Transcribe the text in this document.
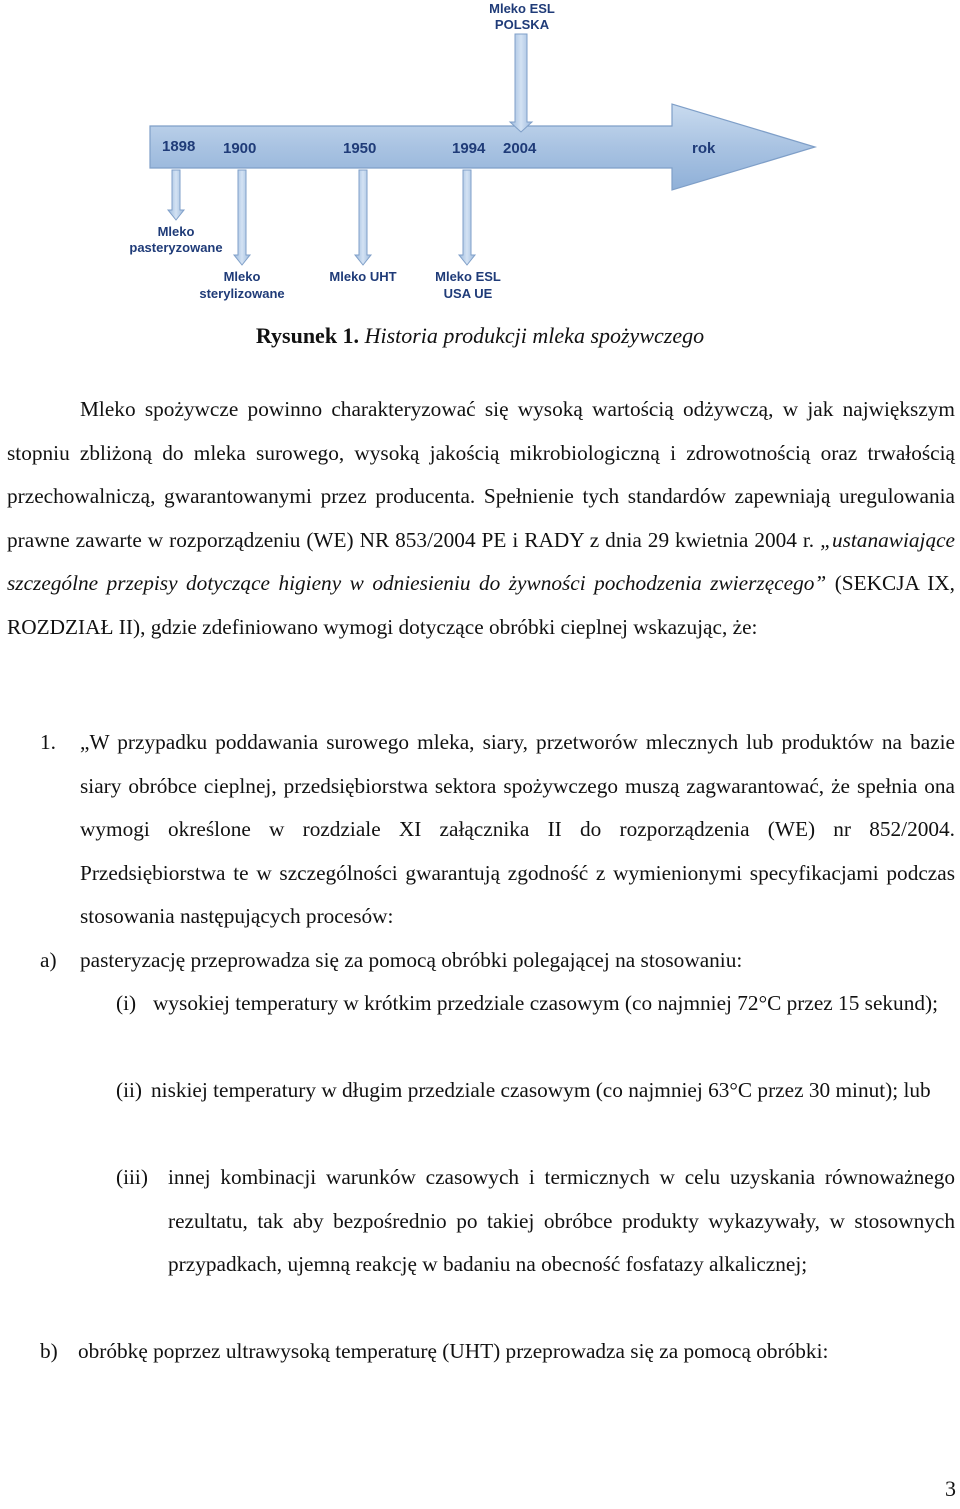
Mleko ESL
POLSKA
1898 1900	1950	1994 2004	rok
Mleko
pasteryzowane
Mleko
sterylizowane
Mleko UHT	Mleko ESL
USA UE
Rysunek 1. Historia produkcji mleka spożywczego
Mleko spożywcze powinno charakteryzować się wysoką wartością odżywczą, w jak największym stopniu zbliżoną do mleka surowego, wysoką jakością mikrobiologiczną i zdrowotnością oraz trwałością przechowalniczą, gwarantowanymi przez producenta. Spełnienie tych standardów zapewniają uregulowania prawne zawarte w rozporządzeniu (WE) NR 853/2004 PE i RADY z dnia 29 kwietnia 2004 r. „ustanawiające szczególne przepisy dotyczące higieny w odniesieniu do żywności pochodzenia zwierzęcego” (SEKCJA IX, ROZDZIAŁ II), gdzie zdefiniowano wymogi dotyczące obróbki cieplnej wskazując, że:
1. „W przypadku poddawania surowego mleka, siary, przetworów mlecznych lub produktów na bazie siary obróbce cieplnej, przedsiębiorstwa sektora spożywczego muszą zagwarantować, że spełnia ona wymogi określone w rozdziale XI załącznika II do rozporządzenia (WE) nr 852/2004. Przedsiębiorstwa te w szczególności gwarantują zgodność z wymienionymi specyfikacjami podczas stosowania następujących procesów:
a) pasteryzację przeprowadza się za pomocą obróbki polegającej na stosowaniu:
(i) wysokiej temperatury w krótkim przedziale czasowym (co najmniej 72°C przez 15 sekund);
(ii) niskiej temperatury w długim przedziale czasowym (co najmniej 63°C przez 30 minut); lub
(iii) innej kombinacji warunków czasowych i termicznych w celu uzyskania równoważnego rezultatu, tak aby bezpośrednio po takiej obróbce produkty wykazywały, w stosownych przypadkach, ujemną reakcję w badaniu na obecność fosfatazy alkalicznej;
b) obróbkę poprzez ultrawysoką temperaturę (UHT) przeprowadza się za pomocą obróbki:
3
